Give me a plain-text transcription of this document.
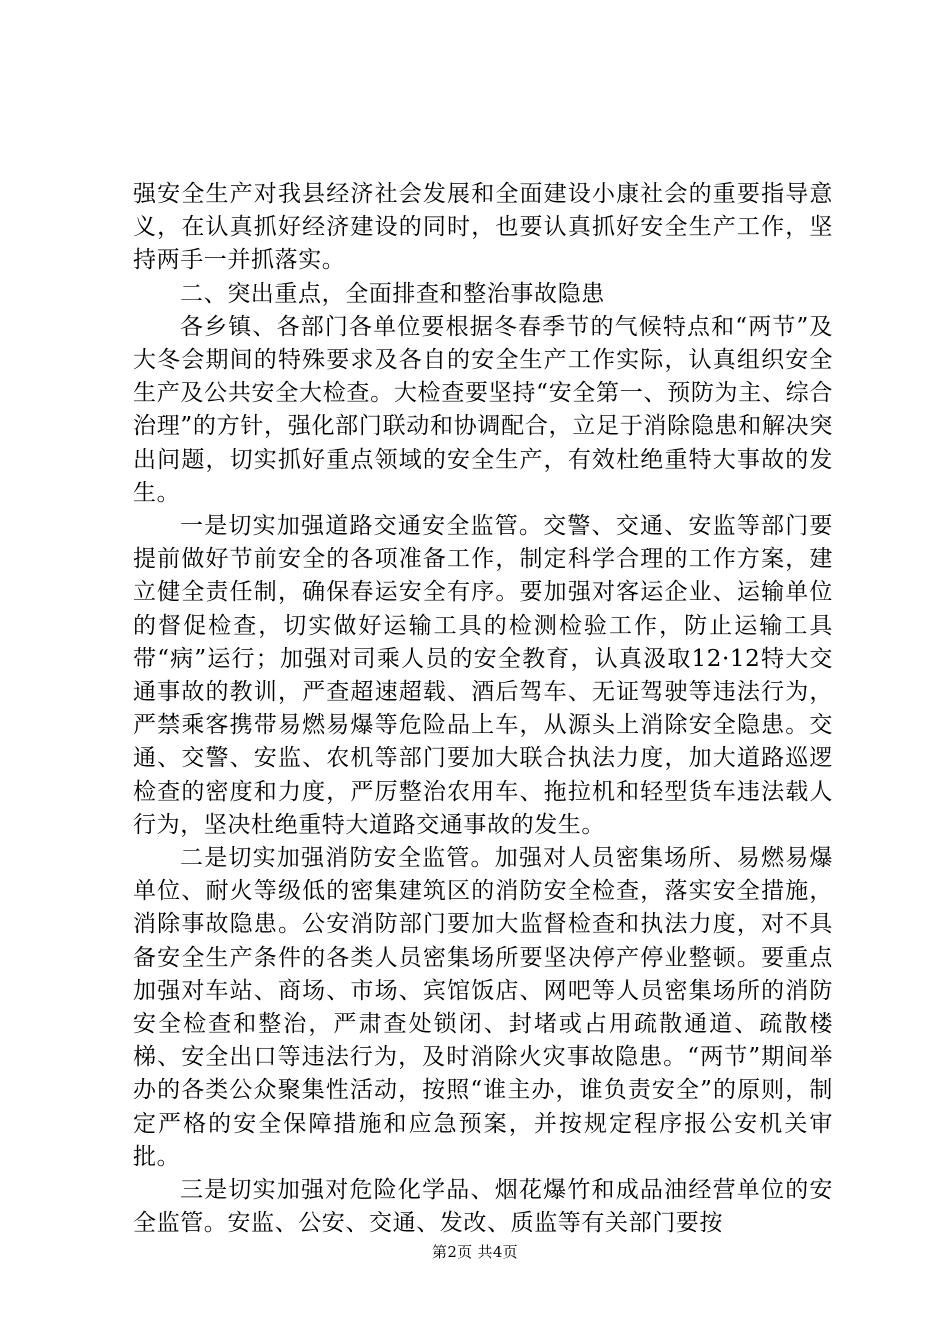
强安全生产对我县经济社会发展和全面建设小康社会的重要指导意义，在认真抓好经济建设的同时，也要认真抓好安全生产工作，坚持两手一并抓落实。

二、突出重点，全面排查和整治事故隐患

各乡镇、各部门各单位要根据冬春季节的气候特点和“两节”及大冬会期间的特殊要求及各自的安全生产工作实际，认真组织安全生产及公共安全大检查。大检查要坚持“安全第一、预防为主、综合治理”的方针，强化部门联动和协调配合，立足于消除隐患和解决突出问题，切实抓好重点领域的安全生产，有效杜绝重特大事故的发生。

一是切实加强道路交通安全监管。交警、交通、安监等部门要提前做好节前安全的各项准备工作，制定科学合理的工作方案，建立健全责任制，确保春运安全有序。要加强对客运企业、运输单位的督促检查，切实做好运输工具的检测检验工作，防止运输工具带“病”运行；加强对司乘人员的安全教育，认真汲取12·12特大交通事故的教训，严查超速超载、酒后驾车、无证驾驶等违法行为，严禁乘客携带易燃易爆等危险品上车，从源头上消除安全隐患。交通、交警、安监、农机等部门要加大联合执法力度，加大道路巡逻检查的密度和力度，严厉整治农用车、拖拉机和轻型货车违法载人行为，坚决杜绝重特大道路交通事故的发生。

二是切实加强消防安全监管。加强对人员密集场所、易燃易爆单位、耐火等级低的密集建筑区的消防安全检查，落实安全措施，消除事故隐患。公安消防部门要加大监督检查和执法力度，对不具备安全生产条件的各类人员密集场所要坚决停产停业整顿。要重点加强对车站、商场、市场、宾馆饭店、网吧等人员密集场所的消防安全检查和整治，严肃查处锁闭、封堵或占用疏散通道、疏散楼梯、安全出口等违法行为，及时消除火灾事故隐患。“两节”期间举办的各类公众聚集性活动，按照“谁主办，谁负责安全”的原则，制定严格的安全保障措施和应急预案，并按规定程序报公安机关审批。

三是切实加强对危险化学品、烟花爆竹和成品油经营单位的安全监管。安监、公安、交通、发改、质监等有关部门要按

第2页 共4页
